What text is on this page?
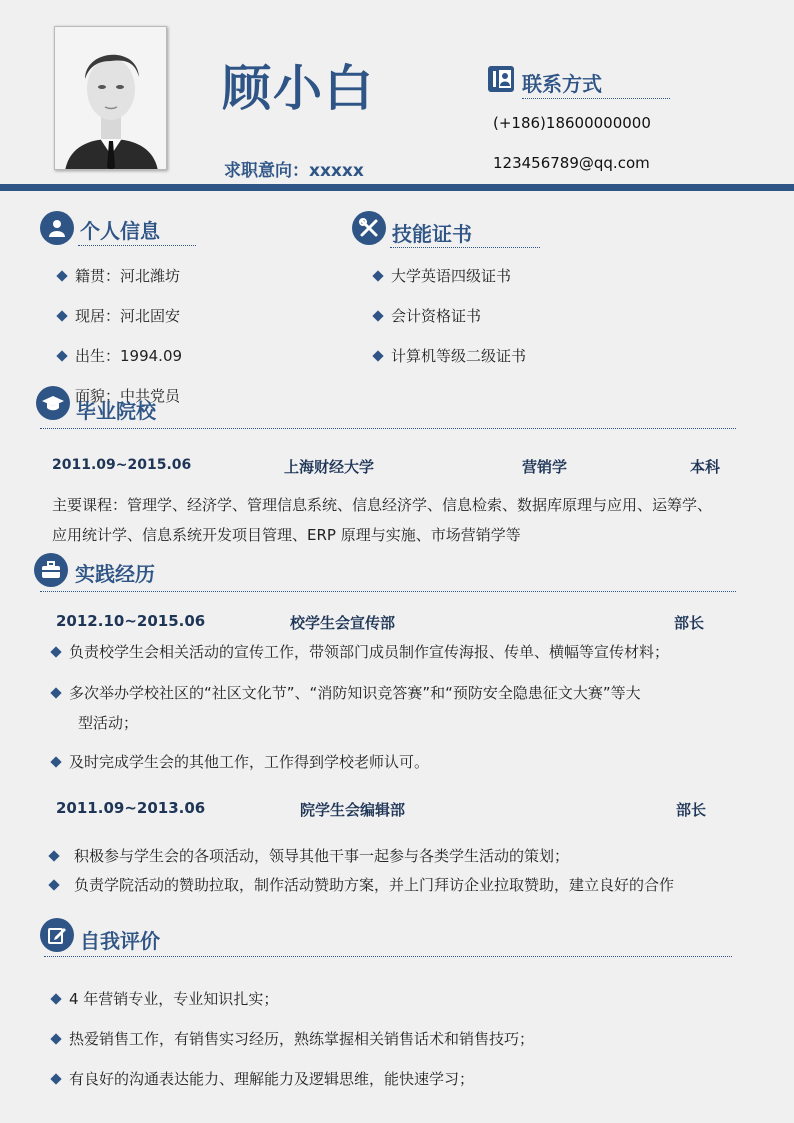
顾小白
求职意向：xxxxx
联系方式
(+186)18600000000
123456789@qq.com
个人信息
籍贯：河北潍坊
现居：河北固安
出生：1994.09
面貌：中共党员
技能证书
大学英语四级证书
会计资格证书
计算机等级二级证书
毕业院校
2011.09~2015.06	上海财经大学	营销学	本科
主要课程：管理学、经济学、管理信息系统、信息经济学、信息检索、数据库原理与应用、运筹学、
应用统计学、信息系统开发项目管理、ERP 原理与实施、市场营销学等
实践经历
2012.10~2015.06	校学生会宣传部	部长
负责校学生会相关活动的宣传工作，带领部门成员制作宣传海报、传单、横幅等宣传材料；
多次举办学校社区的“社区文化节”、“消防知识竞答赛”和“预防安全隐患征文大赛”等大
型活动；
及时完成学生会的其他工作，工作得到学校老师认可。
2011.09~2013.06	院学生会编辑部	部长
积极参与学生会的各项活动，领导其他干事一起参与各类学生活动的策划；
负责学院活动的赞助拉取，制作活动赞助方案，并上门拜访企业拉取赞助，建立良好的合作
自我评价
4 年营销专业，专业知识扎实；
热爱销售工作，有销售实习经历，熟练掌握相关销售话术和销售技巧；
有良好的沟通表达能力、理解能力及逻辑思维，能快速学习；
